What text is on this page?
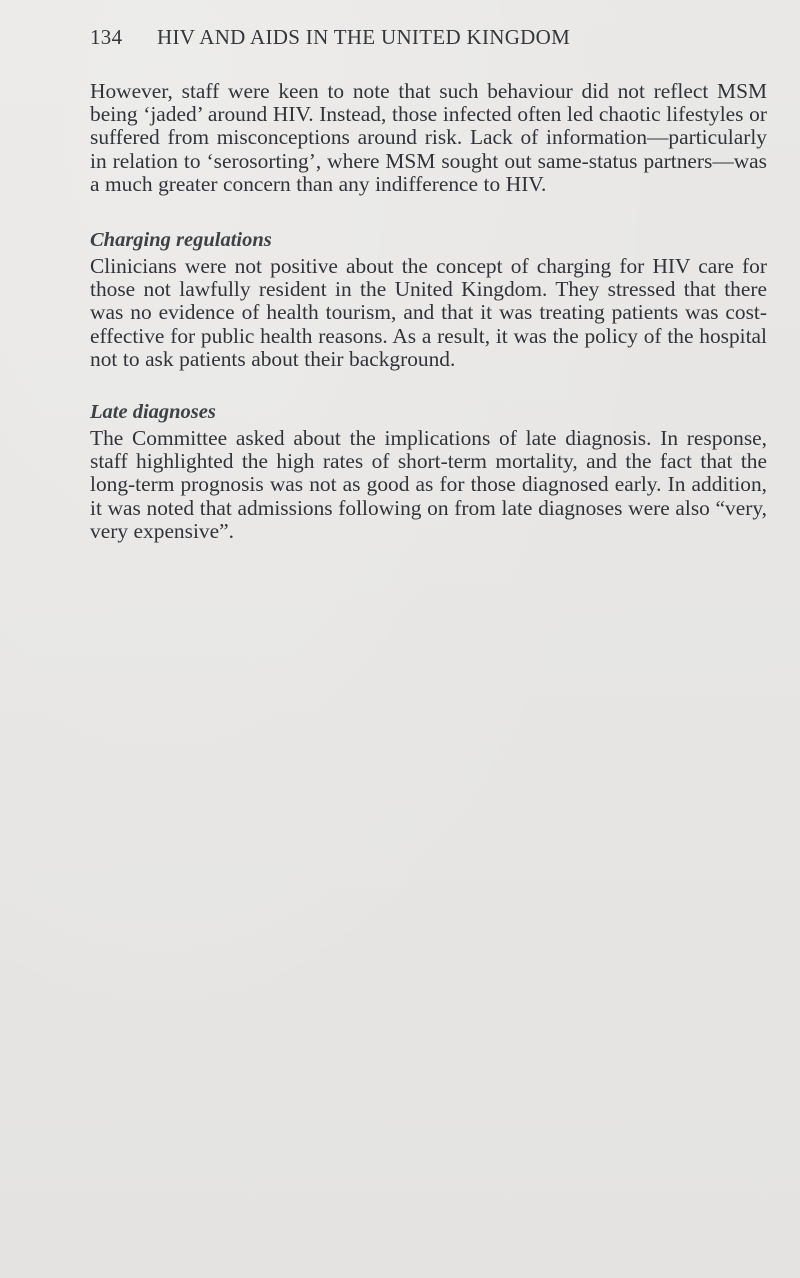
134 HIV AND AIDS IN THE UNITED KINGDOM

However, staff were keen to note that such behaviour did not reflect MSM being ‘jaded’ around HIV. Instead, those infected often led chaotic lifestyles or suffered from misconceptions around risk. Lack of information—particularly in relation to ‘serosorting’, where MSM sought out same-status partners—was a much greater concern than any indifference to HIV.

Charging regulations

Clinicians were not positive about the concept of charging for HIV care for those not lawfully resident in the United Kingdom. They stressed that there was no evidence of health tourism, and that it was treating patients was cost-effective for public health reasons. As a result, it was the policy of the hospital not to ask patients about their background.

Late diagnoses

The Committee asked about the implications of late diagnosis. In response, staff highlighted the high rates of short-term mortality, and the fact that the long-term prognosis was not as good as for those diagnosed early. In addition, it was noted that admissions following on from late diagnoses were also “very, very expensive”.
